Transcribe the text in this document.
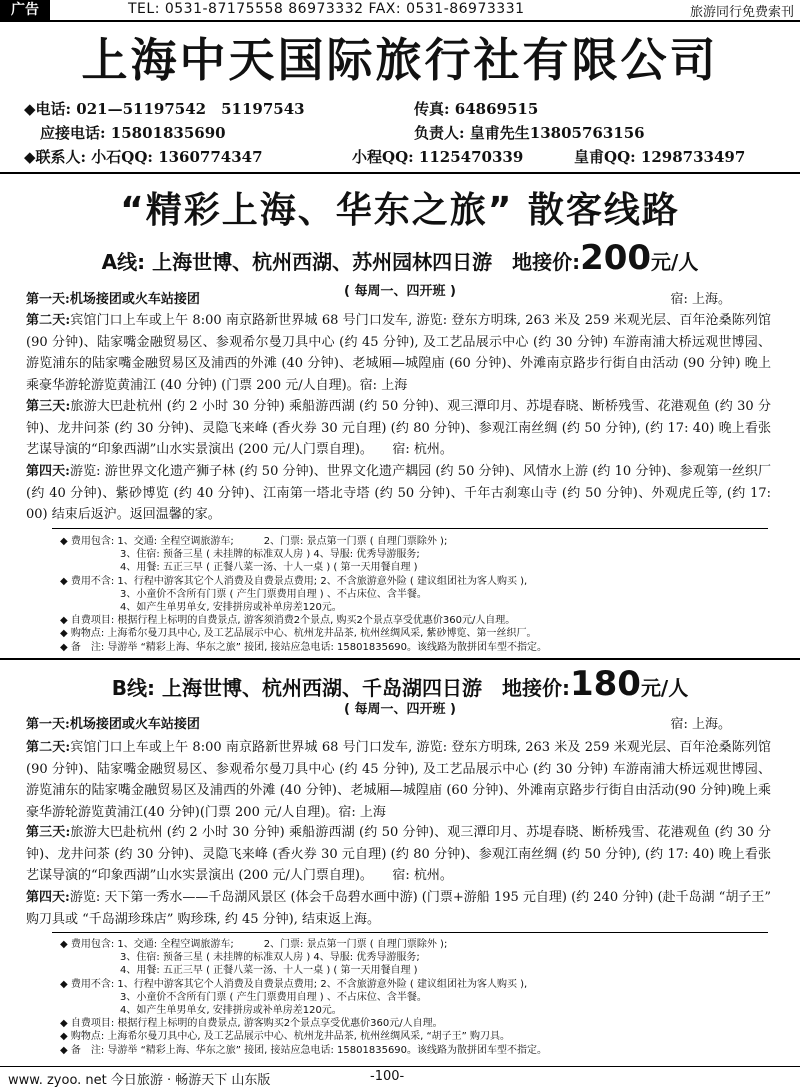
广告	TEL: 0531-87175558 86973332 FAX: 0531-86973331	旅游同行免费索刊
上海中天国际旅行社有限公司
◆电话: 021—51197542　51197543	传真: 64869515
应接电话: 15801835690	负责人: 皇甫先生13805763156
◆联系人: 小石QQ: 1360774347	小程QQ: 1125470339	皇甫QQ: 1298733497
“精彩上海、华东之旅” 散客线路
A线: 上海世博、杭州西湖、苏州园林四日游　地接价:200元/人
( 每周一、四开班 )
宿: 上海。
第一天:机场接团或火车站接团
第二天:宾馆门口上车或上午 8:00 南京路新世界城 68 号门口发车, 游览: 登东方明珠, 263 米及 259 米观光层、百年沧桑陈列馆 (90 分钟)、陆家嘴金融贸易区、参观希尔曼刀具中心 (约 45 分钟), 及工艺品展示中心 (约 30 分钟) 车游南浦大桥远观世博园、游览浦东的陆家嘴金融贸易区及浦西的外滩 (40 分钟)、老城厢—城隍庙 (60 分钟)、外滩南京路步行街自由活动 (90 分钟) 晚上乘豪华游轮游览黄浦江 (40 分钟) (门票 200 元/人自理)。宿: 上海
第三天:旅游大巴赴杭州 (约 2 小时 30 分钟) 乘船游西湖 (约 50 分钟)、观三潭印月、苏堤春晓、断桥残雪、花港观鱼 (约 30 分钟)、龙井问茶 (约 30 分钟)、灵隐飞来峰 (香火券 30 元自理) (约 80 分钟)、参观江南丝绸 (约 50 分钟), (约 17: 40) 晚上看张艺谋导演的“印象西湖”山水实景演出 (200 元/人门票自理)。　　宿: 杭州。
第四天:游览: 游世界文化遗产狮子林 (约 50 分钟)、世界文化遗产耦园 (约 50 分钟)、风情水上游 (约 10 分钟)、参观第一丝织厂 (约 40 分钟)、紫砂博览 (约 40 分钟)、江南第一塔北寺塔 (约 50 分钟)、千年古刹寒山寺 (约 50 分钟)、外观虎丘等, (约 17: 00) 结束后返沪。返回温馨的家。
◆ 费用包含: 1、交通: 全程空调旅游车;　　　2、门票: 景点第一门票 ( 自理门票除外 );
　　　　　　3、住宿: 预备三星 ( 未挂牌的标准双人房 ) 4、导服: 优秀导游服务;
　　　　　　4、用餐: 五正三早 ( 正餐八菜一汤、十人一桌 ) ( 第一天用餐自理 )
◆ 费用不含: 1、行程中游客其它个人消费及自费景点费用; 2、不含旅游意外险 ( 建议组团社为客人购买 ),
　　　　　　3、小童价不含所有门票 ( 产生门票费用自理 ) 、不占床位、含半餐。
　　　　　　4、如产生单男单女, 安排拼房或补单房差120元。
◆ 自费项目: 根据行程上标明的自费景点, 游客须消费2个景点, 购买2个景点享受优惠价360元/人自理。
◆ 购物点: 上海希尔曼刀具中心, 及工艺品展示中心、杭州龙井品茶, 杭州丝绸风采, 紫砂博览、第一丝织厂。
◆ 备　注: 导游举 “精彩上海、华东之旅” 接团, 接站应急电话: 15801835690。该线路为散拼团车型不指定。
B线: 上海世博、杭州西湖、千岛湖四日游　地接价:180元/人
( 每周一、四开班 )
宿: 上海。
第一天:机场接团或火车站接团
第二天:宾馆门口上车或上午 8:00 南京路新世界城 68 号门口发车, 游览: 登东方明珠, 263 米及 259 米观光层、百年沧桑陈列馆 (90 分钟)、陆家嘴金融贸易区、参观希尔曼刀具中心 (约 45 分钟), 及工艺品展示中心 (约 30 分钟) 车游南浦大桥远观世博园、游览浦东的陆家嘴金融贸易区及浦西的外滩 (40 分钟)、老城厢—城隍庙 (60 分钟)、外滩南京路步行街自由活动(90 分钟)晚上乘豪华游轮游览黄浦江(40 分钟)(门票 200 元/人自理)。宿: 上海
第三天:旅游大巴赴杭州 (约 2 小时 30 分钟) 乘船游西湖 (约 50 分钟)、观三潭印月、苏堤春晓、断桥残雪、花港观鱼 (约 30 分钟)、龙井问茶 (约 30 分钟)、灵隐飞来峰 (香火券 30 元自理) (约 80 分钟)、参观江南丝绸 (约 50 分钟), (约 17: 40) 晚上看张艺谋导演的“印象西湖”山水实景演出 (200 元/人门票自理)。　　宿: 杭州。
第四天:游览: 天下第一秀水——千岛湖风景区 (体会千岛碧水画中游) (门票+游船 195 元自理) (约 240 分钟) (赴千岛湖 “胡子王” 购刀具或 “千岛湖珍珠店” 购珍珠, 约 45 分钟), 结束返上海。
◆ 费用包含: 1、交通: 全程空调旅游车;　　　2、门票: 景点第一门票 ( 自理门票除外 );
　　　　　　3、住宿: 预备三星 ( 未挂牌的标准双人房 ) 4、导服: 优秀导游服务;
　　　　　　4、用餐: 五正三早 ( 正餐八菜一汤、十人一桌 ) ( 第一天用餐自理 )
◆ 费用不含: 1、行程中游客其它个人消费及自费景点费用; 2、不含旅游意外险 ( 建议组团社为客人购买 ),
　　　　　　3、小童价不含所有门票 ( 产生门票费用自理 ) 、不占床位、含半餐。
　　　　　　4、如产生单男单女, 安排拼房或补单房差120元。
◆ 自费项目: 根据行程上标明的自费景点, 游客购买2个景点享受优惠价360元/人自理。
◆ 购物点: 上海希尔曼刀具中心, 及工艺品展示中心、杭州龙井品茶, 杭州丝绸风采, “胡子王” 购刀具。
◆ 备　注: 导游举 “精彩上海、华东之旅” 接团, 接站应急电话: 15801835690。该线路为散拼团车型不指定。
www. zyoo. net 今日旅游 · 畅游天下 山东版	-100-
